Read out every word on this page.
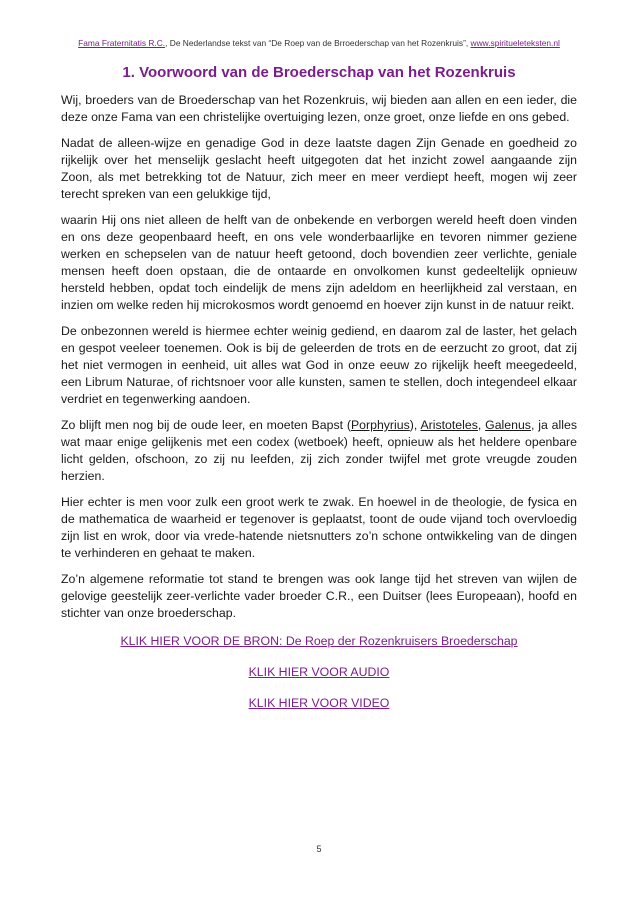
Fama Fraternitatis R.C., De Nederlandse tekst van “De Roep van de Brroederschap van het Rozenkruis”, www.spiritueleteksten.nl
1. Voorwoord van de Broederschap van het Rozenkruis

Wij, broeders van de Broederschap van het Rozenkruis, wij bieden aan allen en een ieder, die deze onze Fama van een christelijke overtuiging lezen, onze groet, onze liefde en ons gebed.

Nadat de alleen-wijze en genadige God in deze laatste dagen Zijn Genade en goedheid zo rijkelijk over het menselijk geslacht heeft uitgegoten dat het inzicht zowel aangaande zijn Zoon, als met betrekking tot de Natuur, zich meer en meer verdiept heeft, mogen wij zeer terecht spreken van een gelukkige tijd,

waarin Hij ons niet alleen de helft van de onbekende en verborgen wereld heeft doen vinden en ons deze geopenbaard heeft, en ons vele wonderbaarlijke en tevoren nimmer geziene werken en schepselen van de natuur heeft getoond, doch bovendien zeer verlichte, geniale mensen heeft doen opstaan, die de ontaarde en onvolkomen kunst gedeeltelijk opnieuw hersteld hebben, opdat toch eindelijk de mens zijn adeldom en heerlijkheid zal verstaan, en inzien om welke reden hij microkosmos wordt genoemd en hoever zijn kunst in de natuur reikt.

De onbezonnen wereld is hiermee echter weinig gediend, en daarom zal de laster, het gelach en gespot veeleer toenemen. Ook is bij de geleerden de trots en de eerzucht zo groot, dat zij het niet vermogen in eenheid, uit alles wat God in onze eeuw zo rijkelijk heeft meegedeeld, een Librum Naturae, of richtsnoer voor alle kunsten, samen te stellen, doch integendeel elkaar verdriet en tegenwerking aandoen.

Zo blijft men nog bij de oude leer, en moeten Bapst (Porphyrius), Aristoteles, Galenus, ja alles wat maar enige gelijkenis met een codex (wetboek) heeft, opnieuw als het heldere openbare licht gelden, ofschoon, zo zij nu leefden, zij zich zonder twijfel met grote vreugde zouden herzien.

Hier echter is men voor zulk een groot werk te zwak. En hoewel in de theologie, de fysica en de mathematica de waarheid er tegenover is geplaatst, toont de oude vijand toch overvloedig zijn list en wrok, door via vrede-hatende nietsnutters zo’n schone ontwikkeling van de dingen te verhinderen en gehaat te maken.

Zo’n algemene reformatie tot stand te brengen was ook lange tijd het streven van wijlen de gelovige geestelijk zeer-verlichte vader broeder C.R., een Duitser (lees Europeaan), hoofd en stichter van onze broederschap.

KLIK HIER VOOR DE BRON: De Roep der Rozenkruisers Broederschap
KLIK HIER VOOR AUDIO
KLIK HIER VOOR VIDEO
5
